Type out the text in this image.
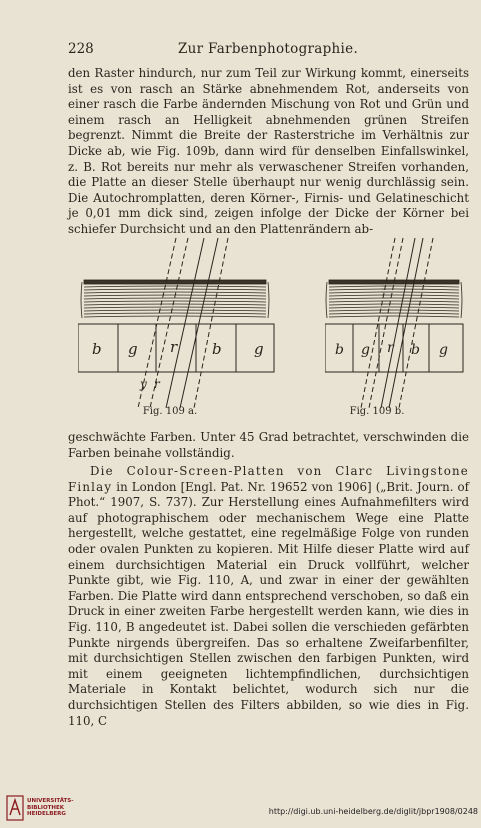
228	Zur Farbenphotographie.

den Raster hindurch, nur zum Teil zur Wirkung kommt, einerseits ist es von rasch an Stärke abnehmendem Rot, anderseits von einer rasch die Farbe ändernden Mischung von Rot und Grün und einem rasch an Helligkeit abnehmenden grünen Streifen begrenzt. Nimmt die Breite der Rasterstriche im Verhältnis zur Dicke ab, wie Fig. 109b, dann wird für denselben Einfallswinkel, z. B. Rot bereits nur mehr als verwaschener Streifen vorhanden, die Platte an dieser Stelle überhaupt nur wenig durchlässig sein. Die Autochromplatten, deren Körner-, Firnis- und Gelatineschicht je 0,01 mm dick sind, zeigen infolge der Dicke der Körner bei schiefer Durchsicht und an den Plattenrändern ab-

b g r b g
y r
Fig. 109 a.
b g r b g
Fig. 109 b.

geschwächte Farben. Unter 45 Grad betrachtet, verschwinden die Farben beinahe vollständig.

Die Colour-Screen-Platten von Clarc Livingstone Finlay in London [Engl. Pat. Nr. 19652 von 1906] („Brit. Journ. of Phot.“ 1907, S. 737). Zur Herstellung eines Aufnahmefilters wird auf photographischem oder mechanischem Wege eine Platte hergestellt, welche gestattet, eine regelmäßige Folge von runden oder ovalen Punkten zu kopieren. Mit Hilfe dieser Platte wird auf einem durchsichtigen Material ein Druck vollführt, welcher Punkte gibt, wie Fig. 110, A, und zwar in einer der gewählten Farben. Die Platte wird dann entsprechend verschoben, so daß ein Druck in einer zweiten Farbe hergestellt werden kann, wie dies in Fig. 110, B angedeutet ist. Dabei sollen die verschieden gefärbten Punkte nirgends übergreifen. Das so erhaltene Zweifarbenfilter, mit durchsichtigen Stellen zwischen den farbigen Punkten, wird mit einem geeigneten lichtempfindlichen, durchsichtigen Materiale in Kontakt belichtet, wodurch sich nur die durchsichtigen Stellen des Filters abbilden, so wie dies in Fig. 110, C

UNIVERSITÄTS-
BIBLIOTHEK
HEIDELBERG	http://digi.ub.uni-heidelberg.de/diglit/jbpr1908/0248
